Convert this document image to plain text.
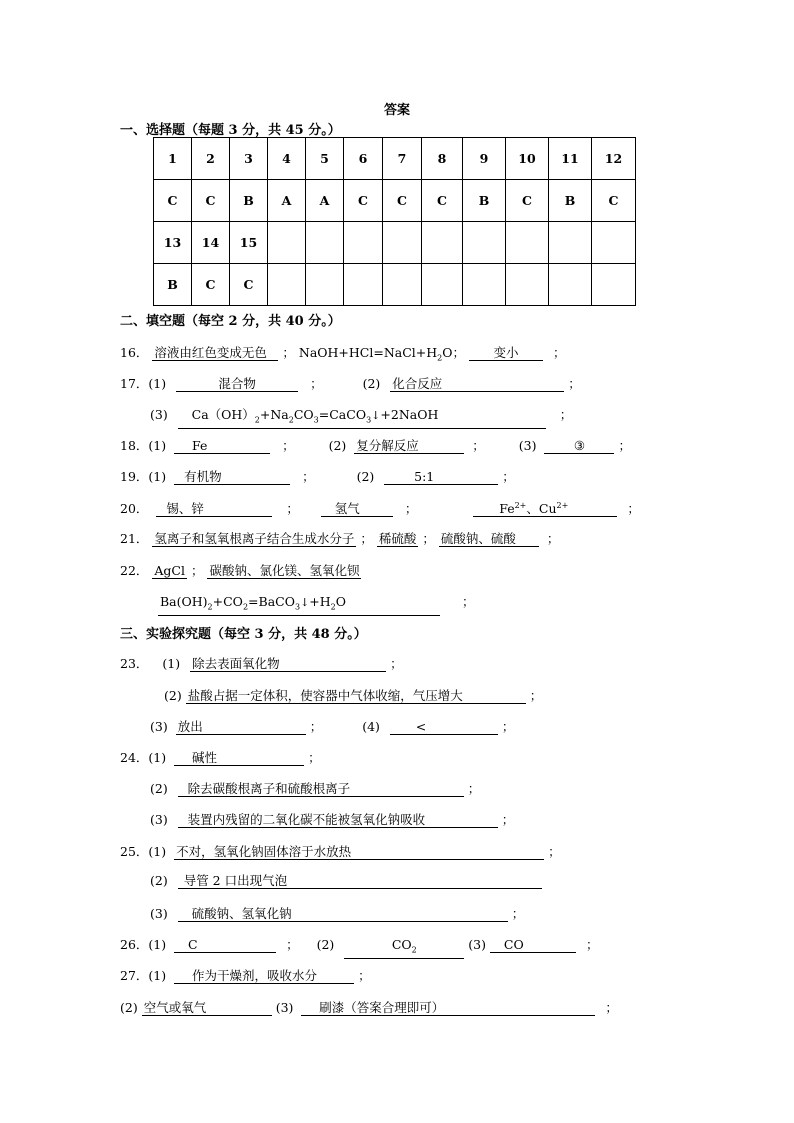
答案
一、选择题（每题 3 分，共 45 分。）
1	2	3	4	5	6	7	8	9	10	11	12
C	C	B	A	A	C	C	C	B	C	B	C
13	14	15									
B	C	C									
二、填空题（每空 2 分，共 40 分。）
16． 溶液由红色变成无色 ； $NaOH+HCl=NaCl+H_2O$； 变小	；
17．(1)	混合物	；	(2) 化合反应	；
(3) $Ca(OH)_2+Na_2CO_3=CaCO_3↓+2NaOH$	；
18．(1) Fe	；	(2) 复分解反应	；	(3)	③	；
19．(1) 有机物	；	(2)	5:1	；
20． 锡、锌	；	氢气	；	$Fe^{2+}$、$Cu^{2+}$	；
21． 氢离子和氢氧根离子结合生成水分子 ； 稀硫酸 ； 硫酸钠、硫酸 ；
22． AgCl ； 碳酸钠、氯化镁、氢氧化钡
$Ba(OH)_2+CO_2=BaCO_3↓+H_2O$	；
三、实验探究题（每空 3 分，共 48 分。）
23． (1) 除去表面氧化物	；
(2) 盐酸占据一定体积，使容器中气体收缩，气压增大	；
(3) 放出	；	(4)	<	；
24．(1) 碱性	；
(2) 除去碳酸根离子和硫酸根离子	；
(3) 装置内残留的二氧化碳不能被氢氧化钠吸收	；
25．(1) 不对，氢氧化钠固体溶于水放热	；
(2) 导管 2 口出现气泡
(3) 硫酸钠、氢氧化钠	；
26．(1) C	； (2)	$CO_2$	(3) CO	；
27．(1) 作为干燥剂，吸收水分	；
(2) 空气或氧气	(3) 刷漆（答案合理即可）	；
